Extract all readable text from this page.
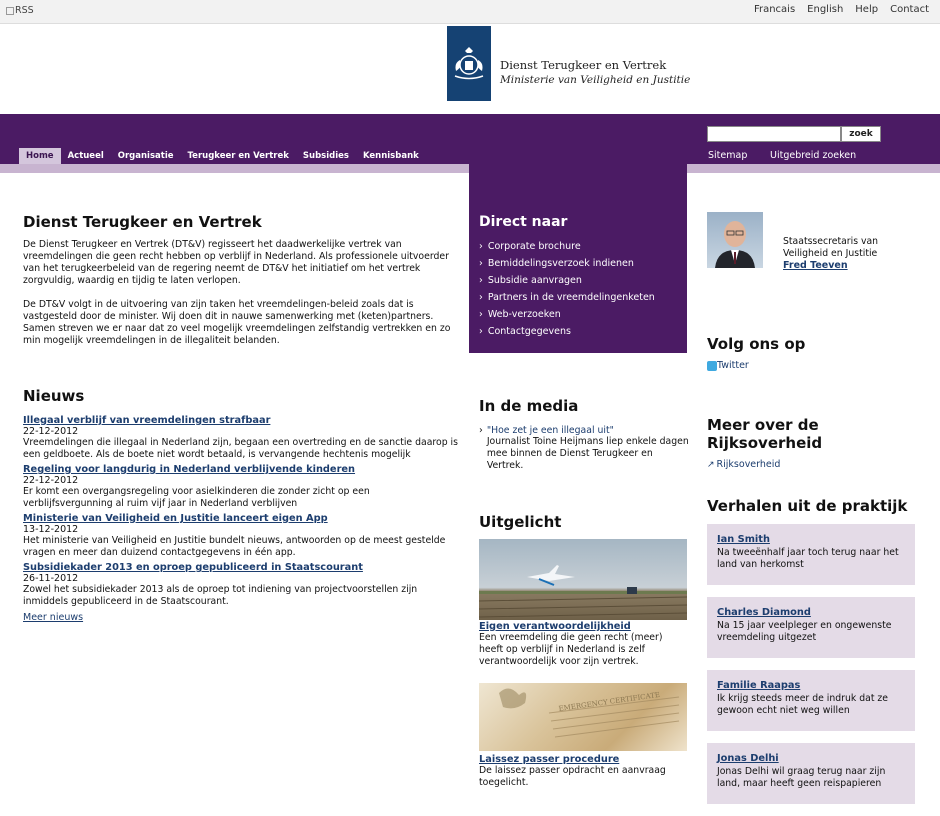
RSS	Francais English Help Contact
Dienst Terugkeer en Vertrek
Ministerie van Veiligheid en Justitie
Home	Actueel	Organisatie	Terugkeer en Vertrek	Subsidies	Kennisbank
zoek
Sitemap Uitgebreid zoeken
Direct naar
› Corporate brochure
› Bemiddelingsverzoek indienen
› Subsidie aanvragen
› Partners in de vreemdelingenketen
› Web-verzoeken
› Contactgegevens
Dienst Terugkeer en Vertrek

De Dienst Terugkeer en Vertrek (DT&V) regisseert het daadwerkelijke vertrek van vreemdelingen die geen recht hebben op verblijf in Nederland. Als professionele uitvoerder van het terugkeerbeleid van de regering neemt de DT&V het initiatief om het vertrek zorgvuldig, waardig en tijdig te laten verlopen.

De DT&V volgt in de uitvoering van zijn taken het vreemdelingen-beleid zoals dat is vastgesteld door de minister. Wij doen dit in nauwe samenwerking met (keten)partners. Samen streven we er naar dat zo veel mogelijk vreemdelingen zelfstandig vertrekken en zo min mogelijk vreemdelingen in de illegaliteit belanden.

Nieuws
Illegaal verblijf van vreemdelingen strafbaar
22-12-2012
Vreemdelingen die illegaal in Nederland zijn, begaan een overtreding en de sanctie daarop is een geldboete. Als de boete niet wordt betaald, is vervangende hechtenis mogelijk
Regeling voor langdurig in Nederland verblijvende kinderen
22-12-2012
Er komt een overgangsregeling voor asielkinderen die zonder zicht op een verblijfsvergunning al ruim vijf jaar in Nederland verblijven
Ministerie van Veiligheid en Justitie lanceert eigen App
13-12-2012
Het ministerie van Veiligheid en Justitie bundelt nieuws, antwoorden op de meest gestelde vragen en meer dan duizend contactgegevens in één app.
Subsidiekader 2013 en oproep gepubliceerd in Staatscourant
26-11-2012
Zowel het subsidiekader 2013 als de oproep tot indiening van projectvoorstellen zijn inmiddels gepubliceerd in de Staatscourant.
Meer nieuws
In de media
› "Hoe zet je een illegaal uit"
Journalist Toine Heijmans liep enkele dagen mee binnen de Dienst Terugkeer en Vertrek.
Uitgelicht
Eigen verantwoordelijkheid
Een vreemdeling die geen recht (meer) heeft op verblijf in Nederland is zelf verantwoordelijk voor zijn vertrek.
EMERGENCY CERTIFICATE
Laissez passer procedure
De laissez passer opdracht en aanvraag toegelicht.
Staatssecretaris van Veiligheid en Justitie
Fred Teeven
Volg ons op
Twitter
Meer over de Rijksoverheid
↗ Rijksoverheid
Verhalen uit de praktijk
Ian Smith
Na tweeënhalf jaar toch terug naar het land van herkomst
Charles Diamond
Na 15 jaar veelpleger en ongewenste vreemdeling uitgezet
Familie Raapas
Ik krijg steeds meer de indruk dat ze gewoon echt niet weg willen
Jonas Delhi
Jonas Delhi wil graag terug naar zijn land, maar heeft geen reispapieren
